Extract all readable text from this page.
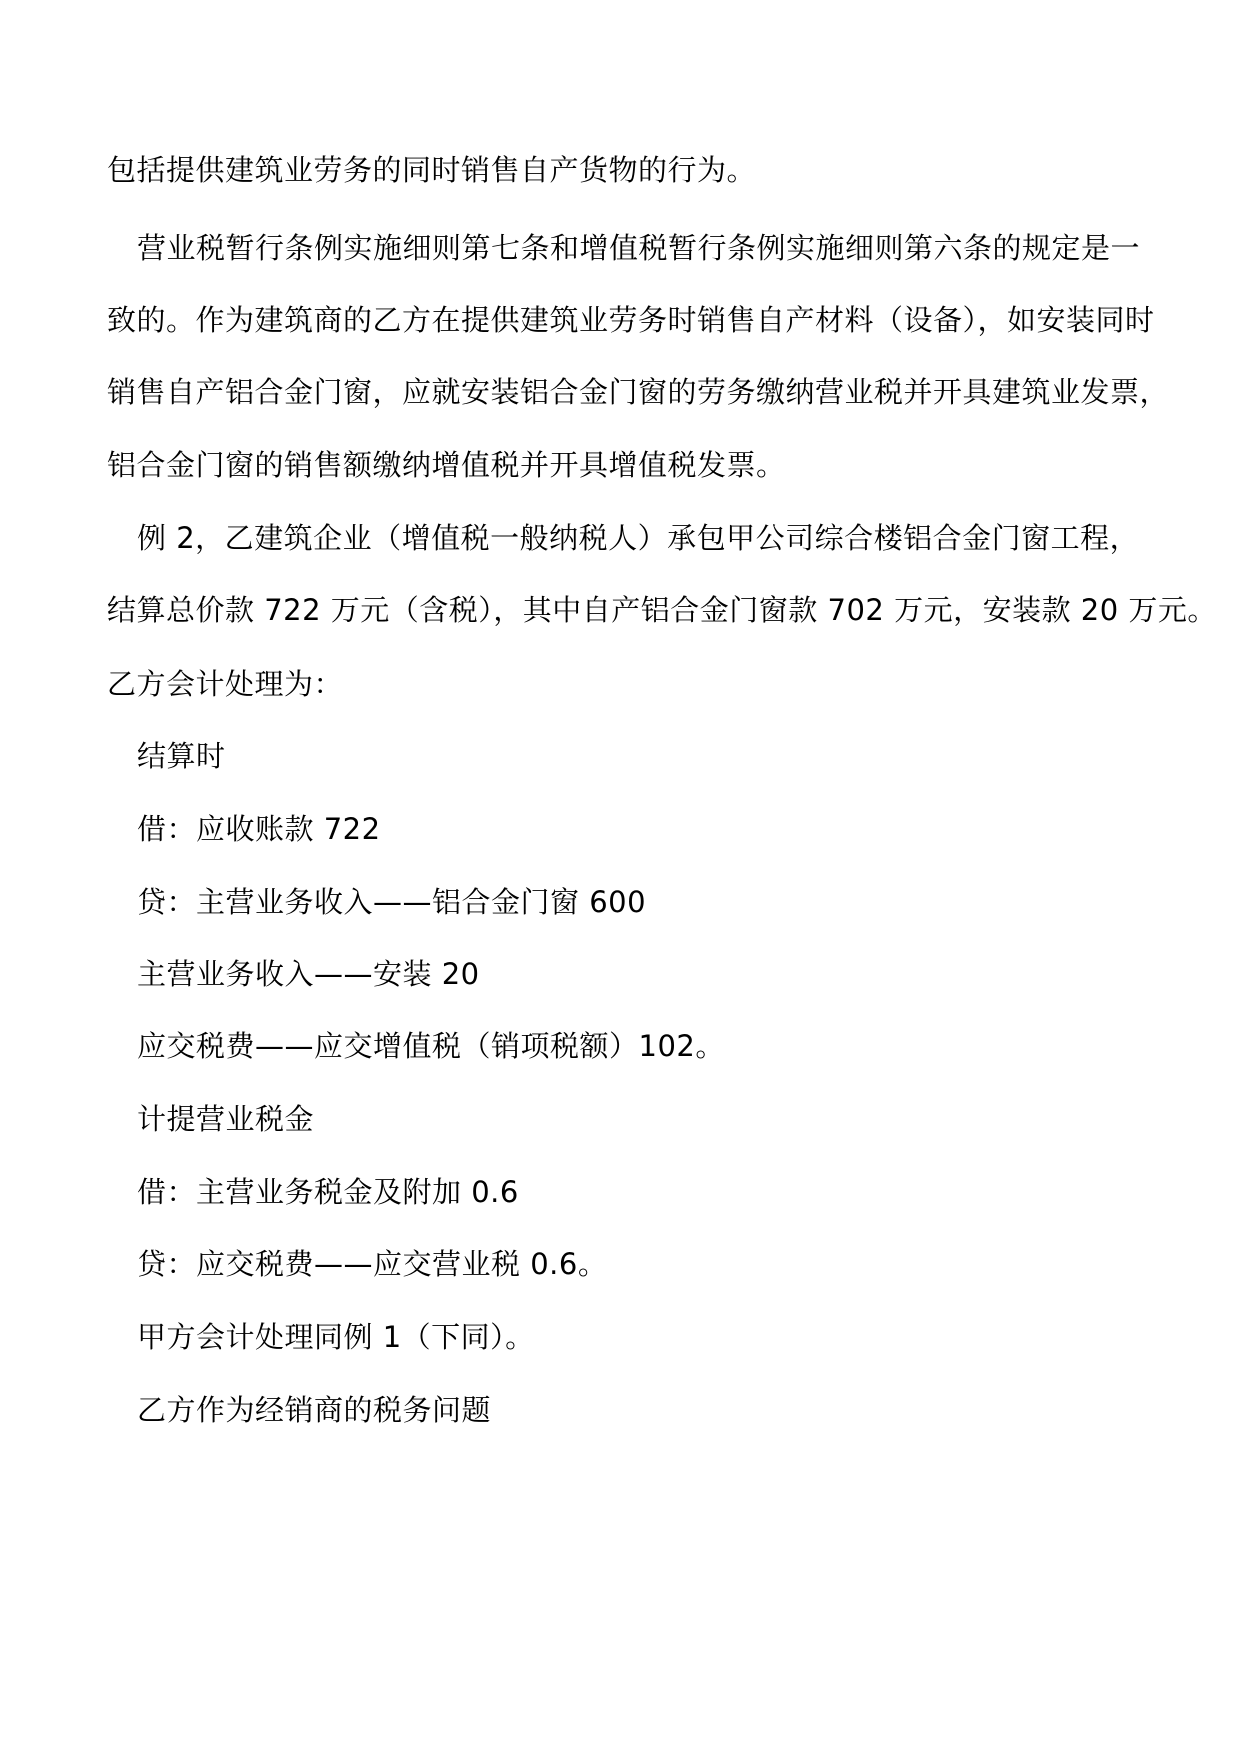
包括提供建筑业劳务的同时销售自产货物的行为。
营业税暂行条例实施细则第七条和增值税暂行条例实施细则第六条的规定是一
致的。作为建筑商的乙方在提供建筑业劳务时销售自产材料（设备），如安装同时
销售自产铝合金门窗，应就安装铝合金门窗的劳务缴纳营业税并开具建筑业发票，
铝合金门窗的销售额缴纳增值税并开具增值税发票。
例 2，乙建筑企业（增值税一般纳税人）承包甲公司综合楼铝合金门窗工程，
结算总价款 722 万元（含税），其中自产铝合金门窗款 702 万元，安装款 20 万元。
乙方会计处理为：
结算时
借：应收账款 722
贷：主营业务收入——铝合金门窗 600
主营业务收入——安装 20
应交税费——应交增值税（销项税额）102。
计提营业税金
借：主营业务税金及附加 0.6
贷：应交税费——应交营业税 0.6。
甲方会计处理同例 1（下同）。
乙方作为经销商的税务问题
